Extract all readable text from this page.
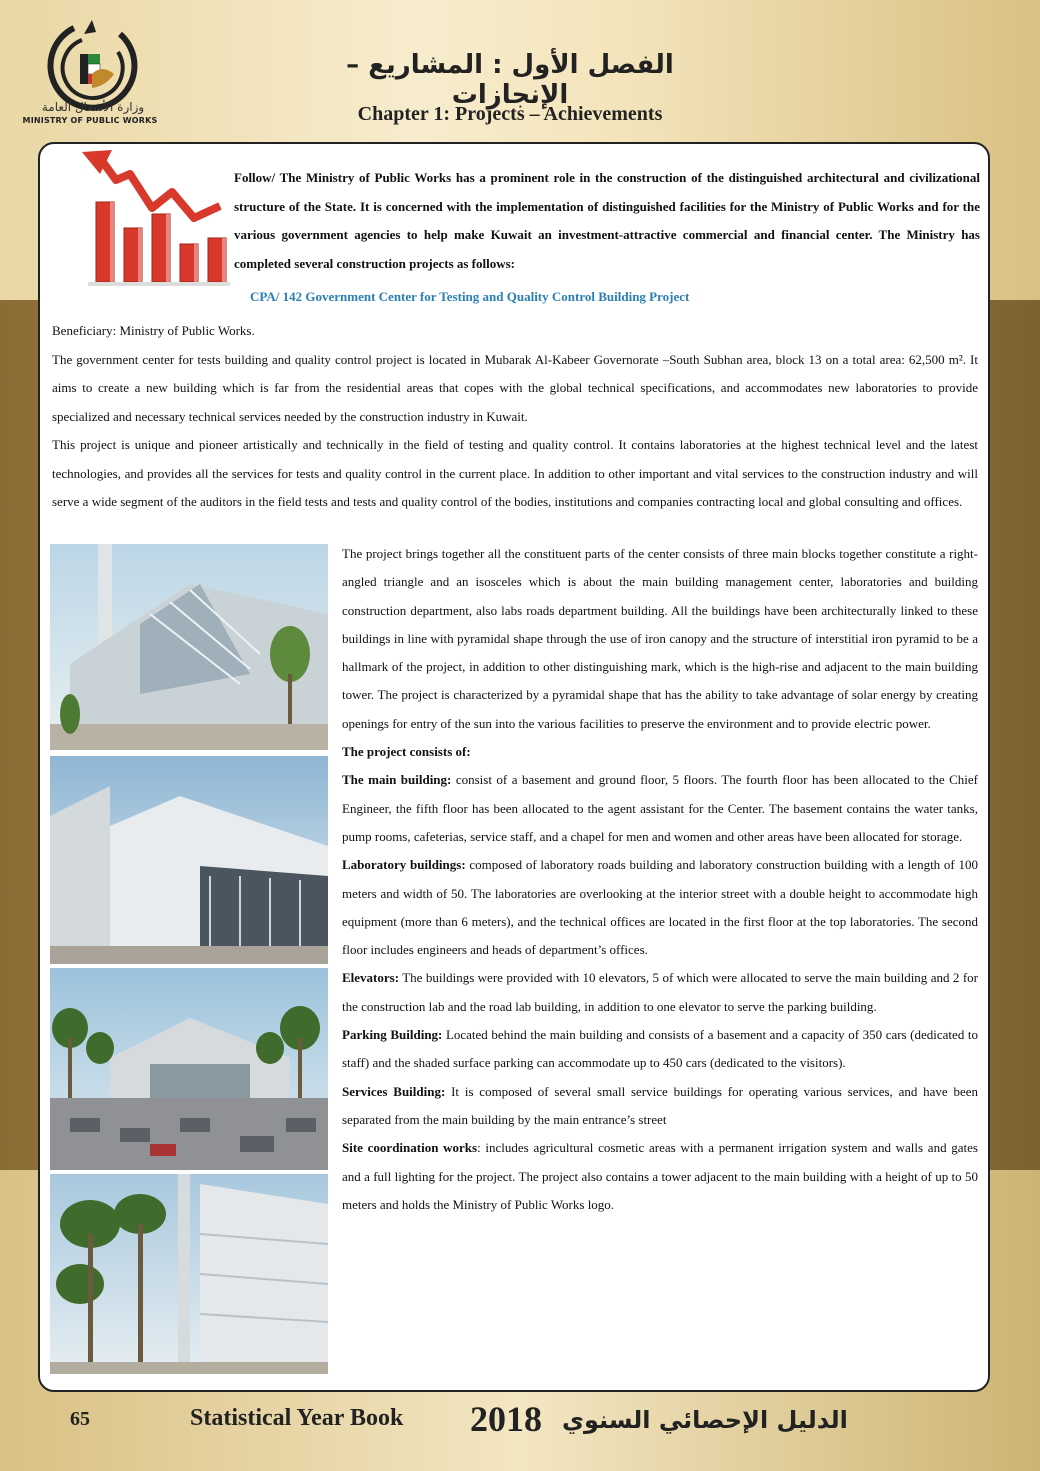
وزارة الأشغال العامة
MINISTRY OF PUBLIC WORKS
الفصل الأول : المشاريع – الإنجازات
Chapter 1: Projects – Achievements
Follow/ The Ministry of Public Works has a prominent role in the construction of the distinguished architectural and civilizational structure of the State. It is concerned with the implementation of distinguished facilities for the Ministry of Public Works and for the various government agencies to help make Kuwait an investment-attractive commercial and financial center. The Ministry has completed several construction projects as follows:
CPA/ 142 Government Center for Testing and Quality Control Building Project

Beneficiary: Ministry of Public Works.

The government center for tests building and quality control project is located in Mubarak Al-Kabeer Governorate –South Subhan area, block 13 on a total area: 62,500 m². It aims to create a new building which is far from the residential areas that copes with the global technical specifications, and accommodates new laboratories to provide specialized and necessary technical services needed by the construction industry in Kuwait.

This project is unique and pioneer artistically and technically in the field of testing and quality control. It contains laboratories at the highest technical level and the latest technologies, and provides all the services for tests and quality control in the current place. In addition to other important and vital services to the construction industry and will serve a wide segment of the auditors in the field tests and tests and quality control of the bodies, institutions and companies contracting local and global consulting and offices.

The project brings together all the constituent parts of the center consists of three main blocks together constitute a right-angled triangle and an isosceles which is about the main building management center, laboratories and building construction department, also labs roads department building. All the buildings have been architecturally linked to these buildings in line with pyramidal shape through the use of iron canopy and the structure of interstitial iron pyramid to be a hallmark of the project, in addition to other distinguishing mark, which is the high-rise and adjacent to the main building tower. The project is characterized by a pyramidal shape that has the ability to take advantage of solar energy by creating openings for entry of the sun into the various facilities to preserve the environment and to provide electric power.

The project consists of:

The main building: consist of a basement and ground floor, 5 floors. The fourth floor has been allocated to the Chief Engineer, the fifth floor has been allocated to the agent assistant for the Center. The basement contains the water tanks, pump rooms, cafeterias, service staff, and a chapel for men and women and other areas have been allocated for storage.

Laboratory buildings: composed of laboratory roads building and laboratory construction building with a length of 100 meters and width of 50. The laboratories are overlooking at the interior street with a double height to accommodate high equipment (more than 6 meters), and the technical offices are located in the first floor at the top laboratories. The second floor includes engineers and heads of department’s offices.

Elevators: The buildings were provided with 10 elevators, 5 of which were allocated to serve the main building and 2 for the construction lab and the road lab building, in addition to one elevator to serve the parking building.

Parking Building: Located behind the main building and consists of a basement and a capacity of 350 cars (dedicated to staff) and the shaded surface parking can accommodate up to 450 cars (dedicated to the visitors).

Services Building: It is composed of several small service buildings for operating various services, and have been separated from the main building by the main entrance’s street

Site coordination works: includes agricultural cosmetic areas with a permanent irrigation system and walls and gates and a full lighting for the project. The project also contains a tower adjacent to the main building with a height of up to 50 meters and holds the Ministry of Public Works logo.

65	Statistical Year Book 2018 الدليل الإحصائي السنوي
